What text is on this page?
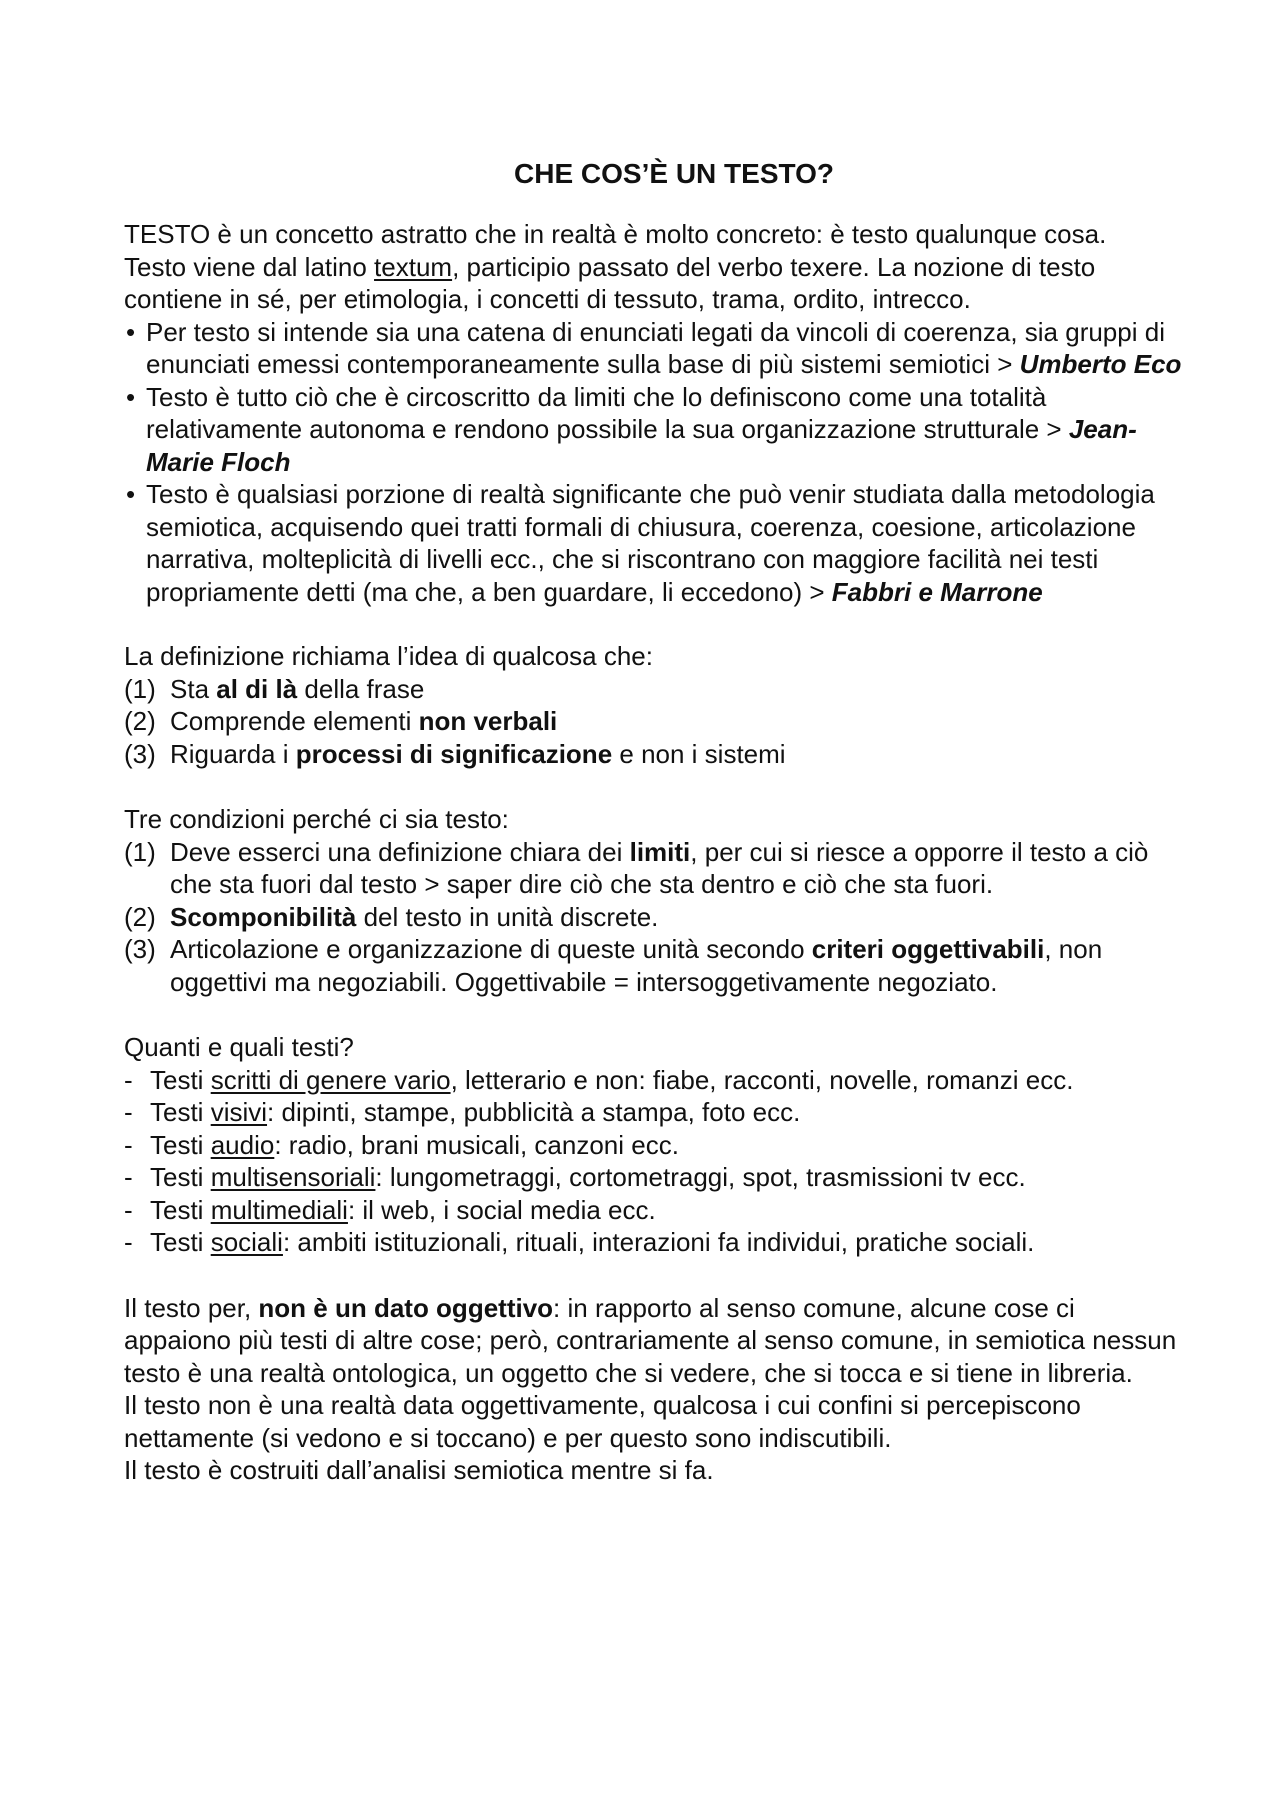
CHE COS’È UN TESTO?

TESTO è un concetto astratto che in realtà è molto concreto: è testo qualunque cosa.

Testo viene dal latino textum, participio passato del verbo texere. La nozione di testo contiene in sé, per etimologia, i concetti di tessuto, trama, ordito, intrecco.

• Per testo si intende sia una catena di enunciati legati da vincoli di coerenza, sia gruppi di enunciati emessi contemporaneamente sulla base di più sistemi semiotici > Umberto Eco
• Testo è tutto ciò che è circoscritto da limiti che lo definiscono come una totalità relativamente autonoma e rendono possibile la sua organizzazione strutturale > Jean-Marie Floch
• Testo è qualsiasi porzione di realtà significante che può venir studiata dalla metodologia semiotica, acquisendo quei tratti formali di chiusura, coerenza, coesione, articolazione narrativa, molteplicità di livelli ecc., che si riscontrano con maggiore facilità nei testi propriamente detti (ma che, a ben guardare, li eccedono) > Fabbri e Marrone

La definizione richiama l’idea di qualcosa che:

(1) Sta al di là della frase
(2) Comprende elementi non verbali
(3) Riguarda i processi di significazione e non i sistemi

Tre condizioni perché ci sia testo:

(1) Deve esserci una definizione chiara dei limiti, per cui si riesce a opporre il testo a ciò che sta fuori dal testo > saper dire ciò che sta dentro e ciò che sta fuori.
(2) Scomponibilità del testo in unità discrete.
(3) Articolazione e organizzazione di queste unità secondo criteri oggettivabili, non oggettivi ma negoziabili. Oggettivabile = intersoggetivamente negoziato.

Quanti e quali testi?

- Testi scritti di genere vario, letterario e non: fiabe, racconti, novelle, romanzi ecc.
- Testi visivi: dipinti, stampe, pubblicità a stampa, foto ecc.
- Testi audio: radio, brani musicali, canzoni ecc.
- Testi multisensoriali: lungometraggi, cortometraggi, spot, trasmissioni tv ecc.
- Testi multimediali: il web, i social media ecc.
- Testi sociali: ambiti istituzionali, rituali, interazioni fa individui, pratiche sociali.

Il testo per, non è un dato oggettivo: in rapporto al senso comune, alcune cose ci appaiono più testi di altre cose; però, contrariamente al senso comune, in semiotica nessun testo è una realtà ontologica, un oggetto che si vedere, che si tocca e si tiene in libreria.

Il testo non è una realtà data oggettivamente, qualcosa i cui confini si percepiscono nettamente (si vedono e si toccano) e per questo sono indiscutibili.

Il testo è costruiti dall’analisi semiotica mentre si fa.
